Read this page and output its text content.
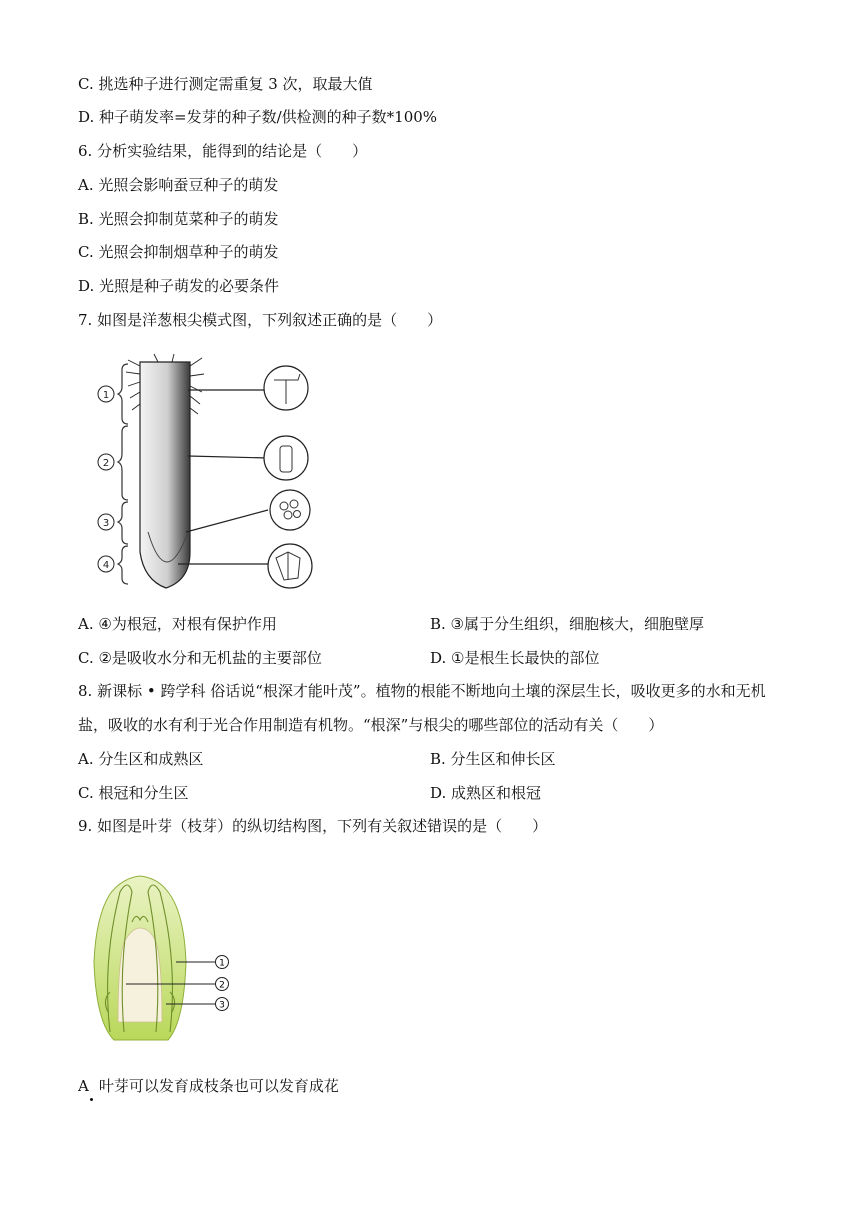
C. 挑选种子进行测定需重复 3 次，取最大值
D. 种子萌发率=发芽的种子数/供检测的种子数*100%
6. 分析实验结果，能得到的结论是（　　）
A. 光照会影响蚕豆种子的萌发
B. 光照会抑制苋菜种子的萌发
C. 光照会抑制烟草种子的萌发
D. 光照是种子萌发的必要条件
7. 如图是洋葱根尖模式图，下列叙述正确的是（　　）
1
2
3
4
A. ④为根冠，对根有保护作用	B. ③属于分生组织，细胞核大，细胞壁厚
C. ②是吸收水分和无机盐的主要部位	D. ①是根生长最快的部位
8. 新课标 • 跨学科 俗话说“根深才能叶茂”。植物的根能不断地向土壤的深层生长，吸收更多的水和无机
盐，吸收的水有利于光合作用制造有机物。“根深”与根尖的哪些部位的活动有关（　　）
A. 分生区和成熟区	B. 分生区和伸长区
C. 根冠和分生区	D. 成熟区和根冠
9. 如图是叶芽（枝芽）的纵切结构图，下列有关叙述错误的是（　　）
1
2
3
A 叶芽可以发育成枝条也可以发育成花
